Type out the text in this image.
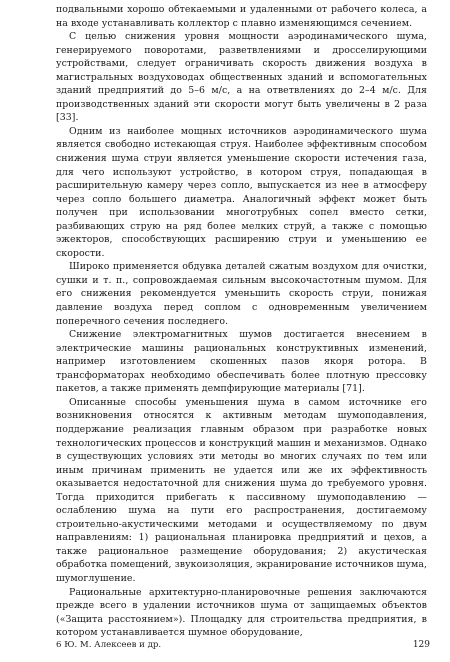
подвальными хорошо обтекаемыми и удаленными от рабочего колеса, а на входе устанавливать коллектор с плавно изменяющимся сечением.

С целью снижения уровня мощности аэродинамического шума, генерируемого поворотами, разветвлениями и дросселирующими устройствами, следует ограничивать скорость движения воздуха в магистральных воздуховодах общественных зданий и вспомогательных зданий предприятий до 5–6 м/с, а на ответвлениях до 2–4 м/с. Для производственных зданий эти скорости могут быть увеличены в 2 раза [33].

Одним из наиболее мощных источников аэродинамического шума является свободно истекающая струя. Наиболее эффективным способом снижения шума струи является уменьшение скорости истечения газа, для чего используют устройство, в котором струя, попадающая в расширительную камеру через сопло, выпускается из нее в атмосферу через сопло большего диаметра. Аналогичный эффект может быть получен при использовании многотрубных сопел вместо сетки, разбивающих струю на ряд более мелких струй, а также с помощью эжекторов, способствующих расширению струи и уменьшению ее скорости.

Широко применяется обдувка деталей сжатым воздухом для очистки, сушки и т. п., сопровождаемая сильным высокочастотным шумом. Для его снижения рекомендуется уменьшить скорость струи, понижая давление воздуха перед соплом с одновременным увеличением поперечного сечения последнего.

Снижение электромагнитных шумов достигается внесением в электрические машины рациональных конструктивных изменений, например изготовлением скошенных пазов якоря ротора. В трансформаторах необходимо обеспечивать более плотную прессовку пакетов, а также применять демпфирующие материалы [71].

Описанные способы уменьшения шума в самом источнике его возникновения относятся к активным методам шумоподавления, поддержание реализация главным образом при разработке новых технологических процессов и конструкций машин и механизмов. Однако в существующих условиях эти методы во многих случаях по тем или иным причинам применить не удается или же их эффективность оказывается недостаточной для снижения шума до требуемого уровня. Тогда приходится прибегать к пассивному шумоподавлению — ослаблению шума на пути его распространения, достигаемому строительно-акустическими методами и осуществляемому по двум направлениям: 1) рациональная планировка предприятий и цехов, а также рациональное размещение оборудования; 2) акустическая обработка помещений, звукоизоляция, экранирование источников шума, шумоглушение.

Рациональные архитектурно-планировочные решения заключаются прежде всего в удалении источников шума от защищаемых объектов («Защита расстоянием»). Площадку для строительства предприятия, в котором устанавливается шумное оборудование,

6 Ю. М. Алексеев и др.	129
